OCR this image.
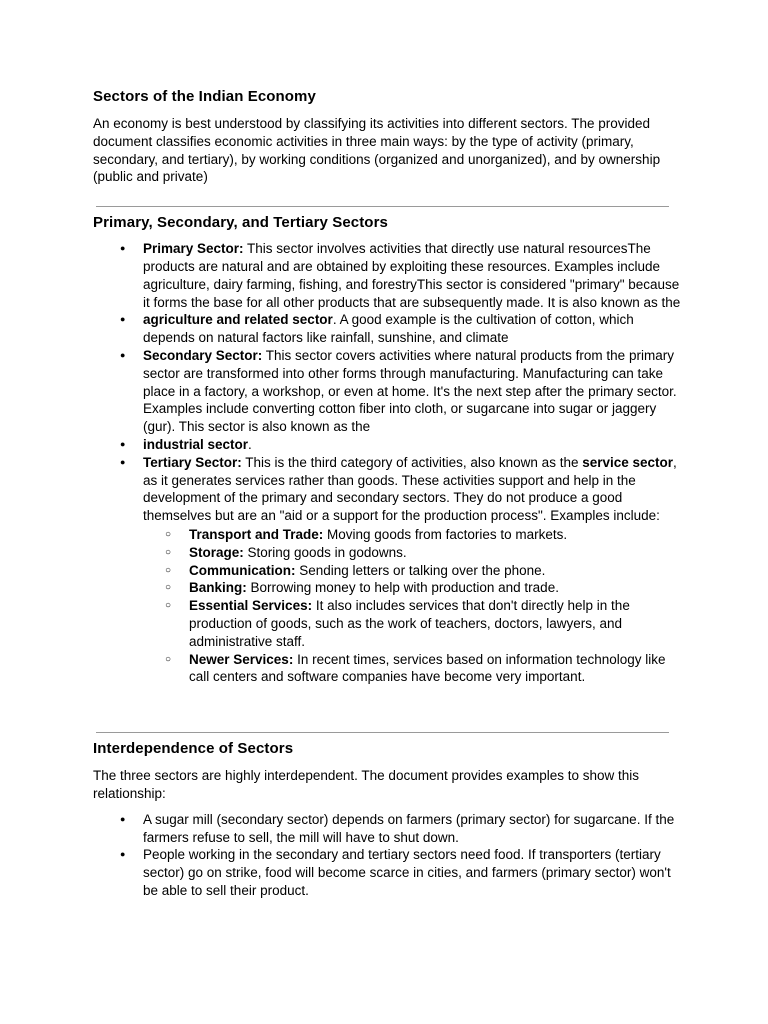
Sectors of the Indian Economy

An economy is best understood by classifying its activities into different sectors. The provided document classifies economic activities in three main ways: by the type of activity (primary, secondary, and tertiary), by working conditions (organized and unorganized), and by ownership (public and private)

Primary, Secondary, and Tertiary Sectors
● Primary Sector: This sector involves activities that directly use natural resourcesThe products are natural and are obtained by exploiting these resources. Examples include agriculture, dairy farming, fishing, and forestryThis sector is considered "primary" because it forms the base for all other products that are subsequently made. It is also known as the
● agriculture and related sector. A good example is the cultivation of cotton, which depends on natural factors like rainfall, sunshine, and climate
● Secondary Sector: This sector covers activities where natural products from the primary sector are transformed into other forms through manufacturing. Manufacturing can take place in a factory, a workshop, or even at home. It's the next step after the primary sector. Examples include converting cotton fiber into cloth, or sugarcane into sugar or jaggery (gur). This sector is also known as the
● industrial sector.
● Tertiary Sector: This is the third category of activities, also known as the service sector, as it generates services rather than goods. These activities support and help in the development of the primary and secondary sectors. They do not produce a good themselves but are an "aid or a support for the production process". Examples include:
○ Transport and Trade: Moving goods from factories to markets.
○ Storage: Storing goods in godowns.
○ Communication: Sending letters or talking over the phone.
○ Banking: Borrowing money to help with production and trade.
○ Essential Services: It also includes services that don't directly help in the production of goods, such as the work of teachers, doctors, lawyers, and administrative staff.
○ Newer Services: In recent times, services based on information technology like call centers and software companies have become very important.
Interdependence of Sectors

The three sectors are highly interdependent. The document provides examples to show this relationship:

● A sugar mill (secondary sector) depends on farmers (primary sector) for sugarcane. If the farmers refuse to sell, the mill will have to shut down.
● People working in the secondary and tertiary sectors need food. If transporters (tertiary sector) go on strike, food will become scarce in cities, and farmers (primary sector) won't be able to sell their product.
